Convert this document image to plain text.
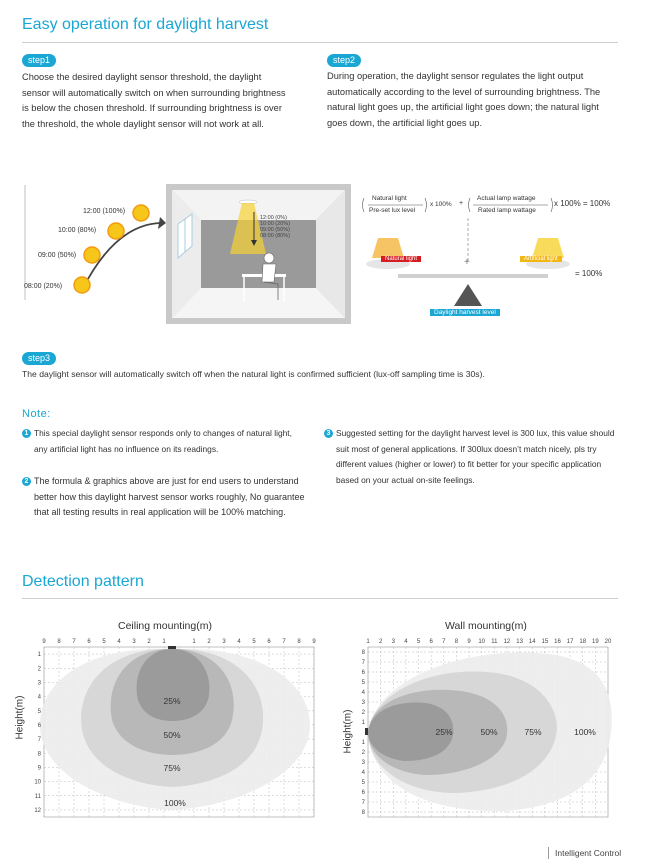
Easy operation for daylight harvest
step1
Choose the desired daylight sensor threshold, the daylight sensor will automatically switch on when surrounding brightness is below the chosen threshold. If surrounding brightness is over the threshold, the whole daylight sensor will not work at all.
step2
During operation, the daylight sensor regulates the light output automatically according to the level of surrounding brightness. The natural light goes up, the artificial light goes down; the natural light goes down, the artificial light goes up.
12:00 (100%)
10:00 (80%)
09:00 (50%)
08:00 (20%)
12:00 (0%)
10:00 (20%)
09:00 (50%)
08:00 (80%)
Natural light
Pre-set lux level
x 100% +
Actual lamp wattage
Rated lamp wattage
x 100% = 100%
Natural light	+	Artificial light
= 100%
Daylight harvest level
step3
The daylight sensor will automatically switch off when the natural light is confirmed sufficient (lux-off sampling time is 30s).
Note:
1 This special daylight sensor responds only to changes of natural light, any artificial light has no influence on its readings.
2 The formula & graphics above are just for end users to understand better how this daylight harvest sensor works roughly, No guarantee that all testing results in real application will be 100% matching.
3 Suggested setting for the daylight harvest level is 300 lux, this value should suit most of general applications. If 300lux doesn’t match nicely, pls try different values (higher or lower) to fit better for your specific application based on your actual on-site feelings.
Detection pattern
Ceiling mounting(m)
Height(m)
9 8 7 6 5 4 3 2 1	1 2 3 4 5 6 7 8 9
1
2
3
4
5
6
7
8
9
10
11
12
25%
50%
75%
100%
Wall mounting(m)
Height(m)
1 2 3 4 5 6 7 8 9 10 11 12 13 14 15 16 17 18 19 20
8
7
6
5
4
3
2
1
1
2
3
4
5
6
7
8
25%	50%	75%	100%
Intelligent Control
